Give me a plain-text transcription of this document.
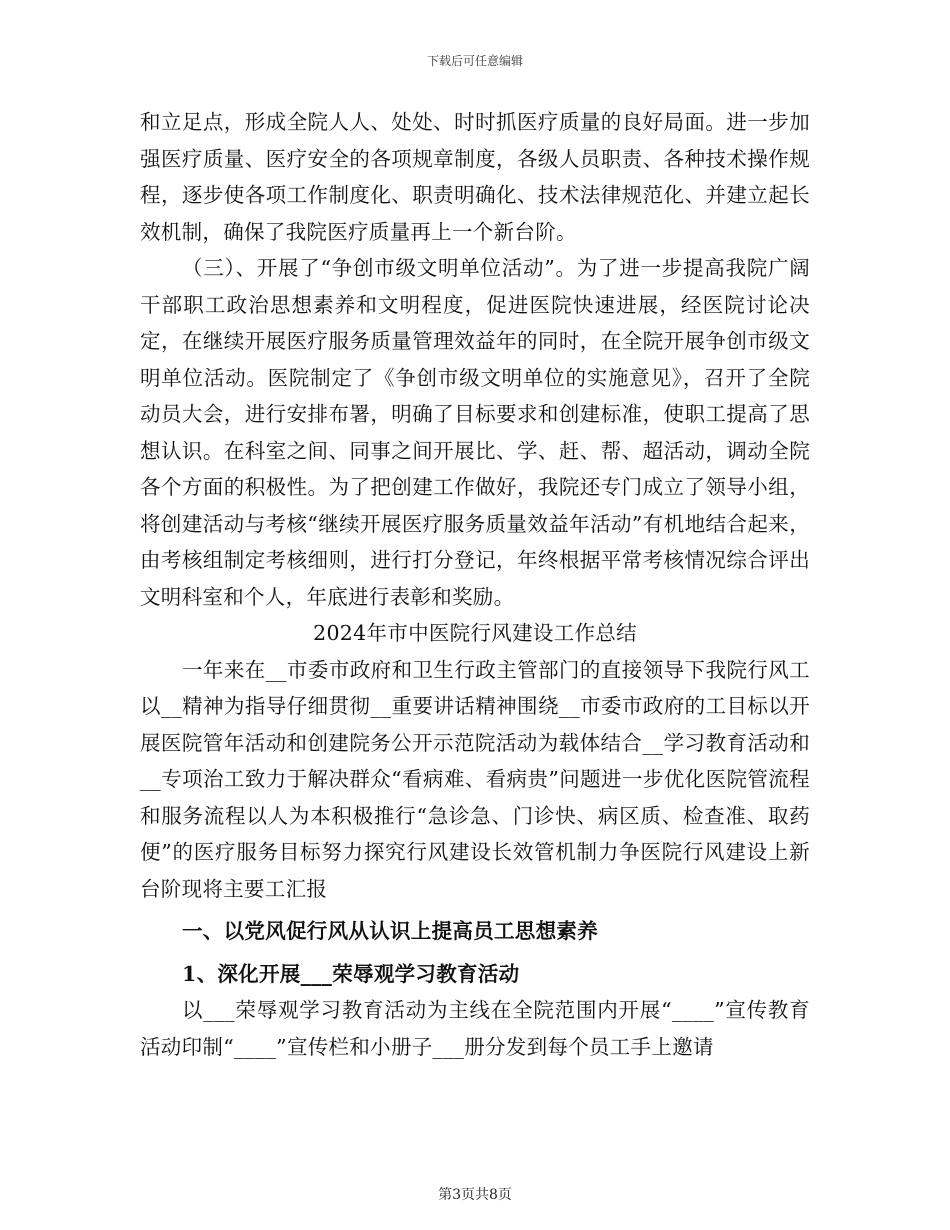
下载后可任意编辑

和立足点，形成全院人人、处处、时时抓医疗质量的良好局面。进一步加强医疗质量、医疗安全的各项规章制度，各级人员职责、各种技术操作规程，逐步使各项工作制度化、职责明确化、技术法律规范化、并建立起长效机制，确保了我院医疗质量再上一个新台阶。

（三）、开展了“争创市级文明单位活动”。为了进一步提高我院广阔干部职工政治思想素养和文明程度，促进医院快速进展，经医院讨论决定，在继续开展医疗服务质量管理效益年的同时，在全院开展争创市级文明单位活动。医院制定了《争创市级文明单位的实施意见》，召开了全院动员大会，进行安排布署，明确了目标要求和创建标准，使职工提高了思想认识。在科室之间、同事之间开展比、学、赶、帮、超活动，调动全院各个方面的积极性。为了把创建工作做好，我院还专门成立了领导小组，将创建活动与考核“继续开展医疗服务质量效益年活动”有机地结合起来，由考核组制定考核细则，进行打分登记，年终根据平常考核情况综合评出文明科室和个人，年底进行表彰和奖励。

2024年市中医院行风建设工作总结

一年来在__市委市政府和卫生行政主管部门的直接领导下我院行风工以__精神为指导仔细贯彻__重要讲话精神围绕__市委市政府的工目标以开展医院管年活动和创建院务公开示范院活动为载体结合__学习教育活动和__专项治工致力于解决群众“看病难、看病贵”问题进一步优化医院管流程和服务流程以人为本积极推行“急诊急、门诊快、病区质、检查准、取药便”的医疗服务目标努力探究行风建设长效管机制力争医院行风建设上新台阶现将主要工汇报

一、以党风促行风从认识上提高员工思想素养

1、深化开展___荣辱观学习教育活动

以___荣辱观学习教育活动为主线在全院范围内开展“____”宣传教育活动印制“____”宣传栏和小册子___册分发到每个员工手上邀请

第3页共8页
